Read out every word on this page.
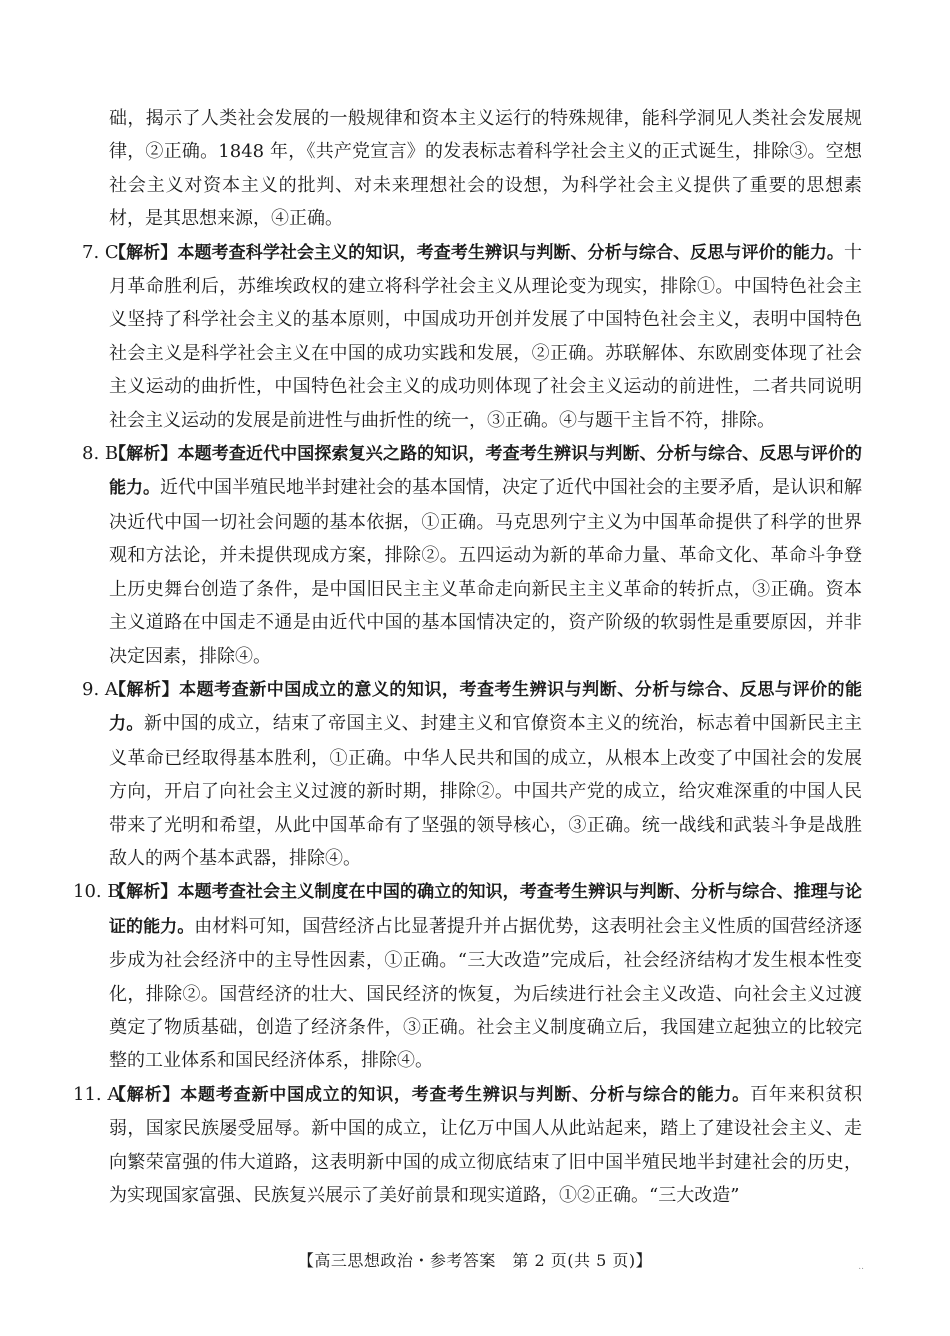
础，揭示了人类社会发展的一般规律和资本主义运行的特殊规律，能科学洞见人类社会发展规律，②正确。1848 年，《共产党宣言》的发表标志着科学社会主义的正式诞生，排除③。空想社会主义对资本主义的批判、对未来理想社会的设想，为科学社会主义提供了重要的思想素材，是其思想来源，④正确。
7. C
【解析】本题考查科学社会主义的知识，考查考生辨识与判断、分析与综合、反思与评价的能力。十月革命胜利后，苏维埃政权的建立将科学社会主义从理论变为现实，排除①。中国特色社会主义坚持了科学社会主义的基本原则，中国成功开创并发展了中国特色社会主义，表明中国特色社会主义是科学社会主义在中国的成功实践和发展，②正确。苏联解体、东欧剧变体现了社会主义运动的曲折性，中国特色社会主义的成功则体现了社会主义运动的前进性，二者共同说明社会主义运动的发展是前进性与曲折性的统一，③正确。④与题干主旨不符，排除。
8. B
【解析】本题考查近代中国探索复兴之路的知识，考查考生辨识与判断、分析与综合、反思与评价的能力。近代中国半殖民地半封建社会的基本国情，决定了近代中国社会的主要矛盾，是认识和解决近代中国一切社会问题的基本依据，①正确。马克思列宁主义为中国革命提供了科学的世界观和方法论，并未提供现成方案，排除②。五四运动为新的革命力量、革命文化、革命斗争登上历史舞台创造了条件，是中国旧民主主义革命走向新民主主义革命的转折点，③正确。资本主义道路在中国走不通是由近代中国的基本国情决定的，资产阶级的软弱性是重要原因，并非决定因素，排除④。
9. A
【解析】本题考查新中国成立的意义的知识，考查考生辨识与判断、分析与综合、反思与评价的能力。新中国的成立，结束了帝国主义、封建主义和官僚资本主义的统治，标志着中国新民主主义革命已经取得基本胜利，①正确。中华人民共和国的成立，从根本上改变了中国社会的发展方向，开启了向社会主义过渡的新时期，排除②。中国共产党的成立，给灾难深重的中国人民带来了光明和希望，从此中国革命有了坚强的领导核心，③正确。统一战线和武装斗争是战胜敌人的两个基本武器，排除④。
10. B
【解析】本题考查社会主义制度在中国的确立的知识，考查考生辨识与判断、分析与综合、推理与论证的能力。由材料可知，国营经济占比显著提升并占据优势，这表明社会主义性质的国营经济逐步成为社会经济中的主导性因素，①正确。“三大改造”完成后，社会经济结构才发生根本性变化，排除②。国营经济的壮大、国民经济的恢复，为后续进行社会主义改造、向社会主义过渡奠定了物质基础，创造了经济条件，③正确。社会主义制度确立后，我国建立起独立的比较完整的工业体系和国民经济体系，排除④。
11. A
【解析】本题考查新中国成立的知识，考查考生辨识与判断、分析与综合的能力。百年来积贫积弱，国家民族屡受屈辱。新中国的成立，让亿万中国人从此站起来，踏上了建设社会主义、走向繁荣富强的伟大道路，这表明新中国的成立彻底结束了旧中国半殖民地半封建社会的历史，为实现国家富强、民族复兴展示了美好前景和现实道路，①②正确。“三大改造”
【高三思想政治・参考答案　第 2 页(共 5 页)】	..
